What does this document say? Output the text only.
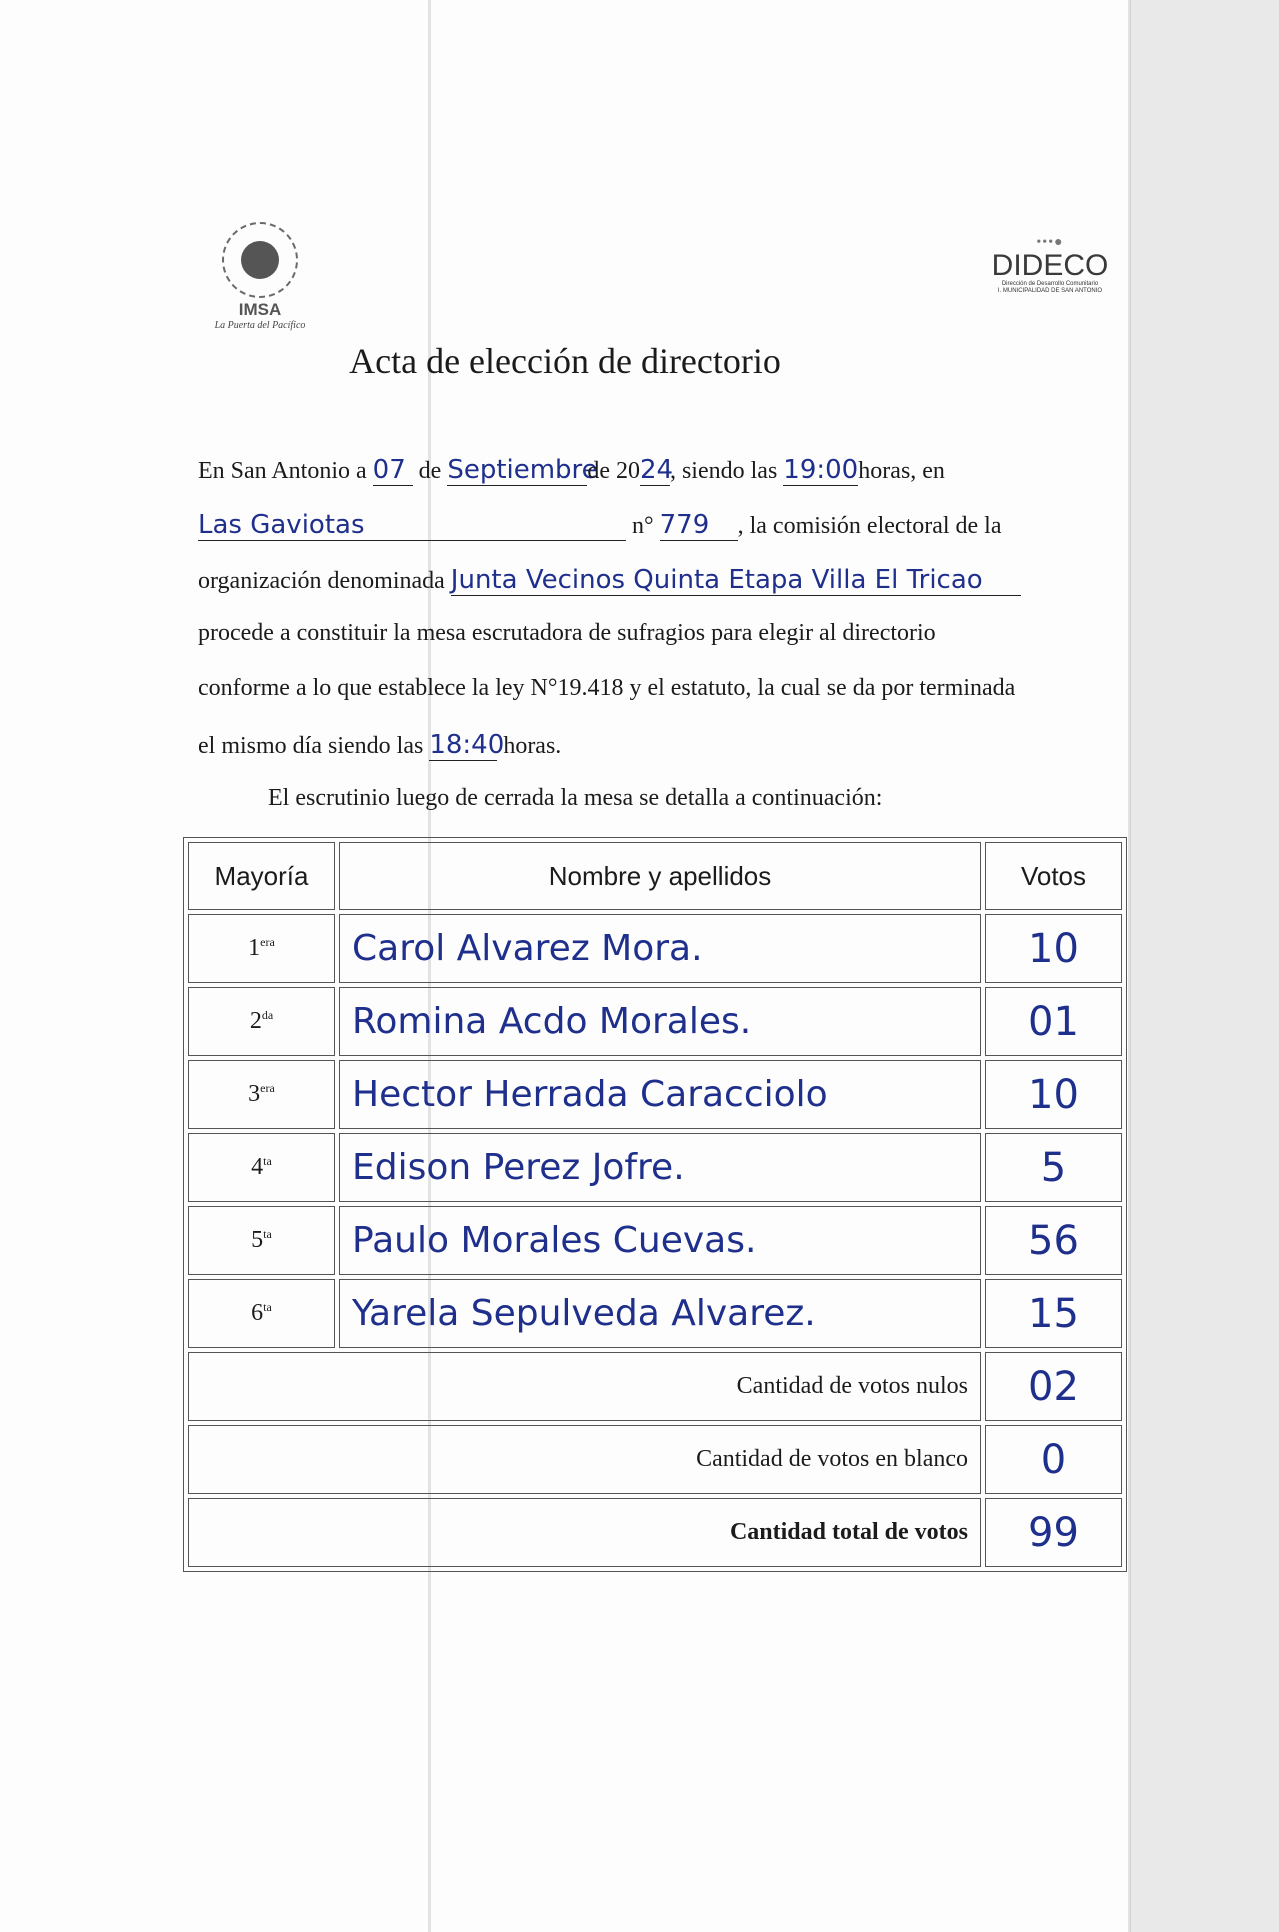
IMSA
La Puerta del Pacífico
•••●
DIDECO
Dirección de Desarrollo Comunitario
I. MUNICIPALIDAD DE SAN ANTONIO
Acta de elección de directorio
En San Antonio a 07 de Septiembrede 2024, siendo las 19:00horas, en
Las Gaviotas	n° 779 , la comisión electoral de la
organización denominada Junta Vecinos Quinta Etapa Villa El Tricao
procede a constituir la mesa escrutadora de sufragios para elegir al directorio
conforme a lo que establece la ley N°19.418 y el estatuto, la cual se da por terminada
el mismo día siendo las 18:40 horas.
El escrutinio luego de cerrada la mesa se detalla a continuación:
Mayoría	Nombre y apellidos	Votos
$1^{era}$	Carol Alvarez Mora.	10
$2^{da}$	Romina Acdo Morales.	01
$3^{era}$	Hector Herrada Caracciolo	10
$4^{ta}$	Edison Perez Jofre.	5
$5^{ta}$	Paulo Morales Cuevas.	56
$6^{ta}$	Yarela Sepulveda Alvarez.	15
Cantidad de votos nulos		02
Cantidad de votos en blanco		0
Cantidad total de votos		99
